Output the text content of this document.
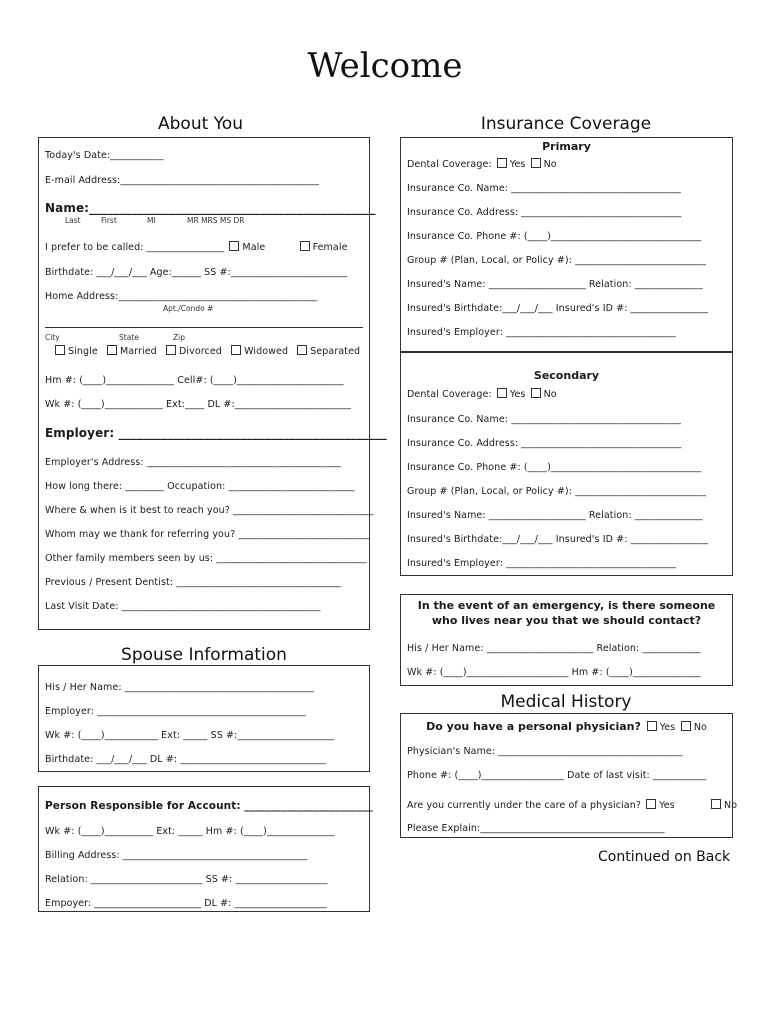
Welcome
About You
Today's Date:___________
E-mail Address:_________________________________________
Name:_______________________________________________
Last	First	MI	MR MRS MS DR
I prefer to be called: ________________ Male	Female
Birthdate: ___/___/___ Age:______ SS #:________________________
Home Address:_________________________________________
Apt./Condo #
City	State	Zip
Single Married Divorced Widowed Separated
Hm #: (____)______________ Cell#: (____)______________________
Wk #: (____)____________ Ext:____ DL #:________________________
Employer: ____________________________________________
Employer's Address: ________________________________________
How long there: ________ Occupation: __________________________
Where & when is it best to reach you? _____________________________
Whom may we thank for referring you? ___________________________
Other family members seen by us: _______________________________
Previous / Present Dentist: __________________________________
Last Visit Date: _________________________________________
Insurance Coverage
Primary
Dental Coverage: Yes No
Insurance Co. Name: ___________________________________
Insurance Co. Address: _________________________________
Insurance Co. Phone #: (____)_______________________________
Group # (Plan, Local, or Policy #): ___________________________
Insured's Name: ____________________ Relation: ______________
Insured's Birthdate:___/___/___ Insured's ID #: ________________
Insured's Employer: ___________________________________
Secondary
Dental Coverage: Yes No
Insurance Co. Name: ___________________________________
Insurance Co. Address: _________________________________
Insurance Co. Phone #: (____)_______________________________
Group # (Plan, Local, or Policy #): ___________________________
Insured's Name: ____________________ Relation: ______________
Insured's Birthdate:___/___/___ Insured's ID #: ________________
Insured's Employer: ___________________________________
In the event of an emergency, is there someone
who lives near you that we should contact?
His / Her Name: ______________________ Relation: ____________
Wk #: (____)_____________________ Hm #: (____)______________
Spouse Information
His / Her Name: _______________________________________
Employer: ___________________________________________
Wk #: (____)___________ Ext: _____ SS #:____________________
Birthdate: ___/___/___ DL #: ______________________________
Person Responsible for Account: ________________________
Wk #: (____)__________ Ext: _____ Hm #: (____)______________
Billing Address: ______________________________________
Relation: _______________________ SS #: ___________________
Empoyer: ______________________ DL #: ___________________
Medical History
Do you have a personal physician? Yes No
Physician's Name: ______________________________________
Phone #: (____)_________________ Date of last visit: ___________
Are you currently under the care of a physician? Yes	No
Please Explain:______________________________________
Continued on Back
